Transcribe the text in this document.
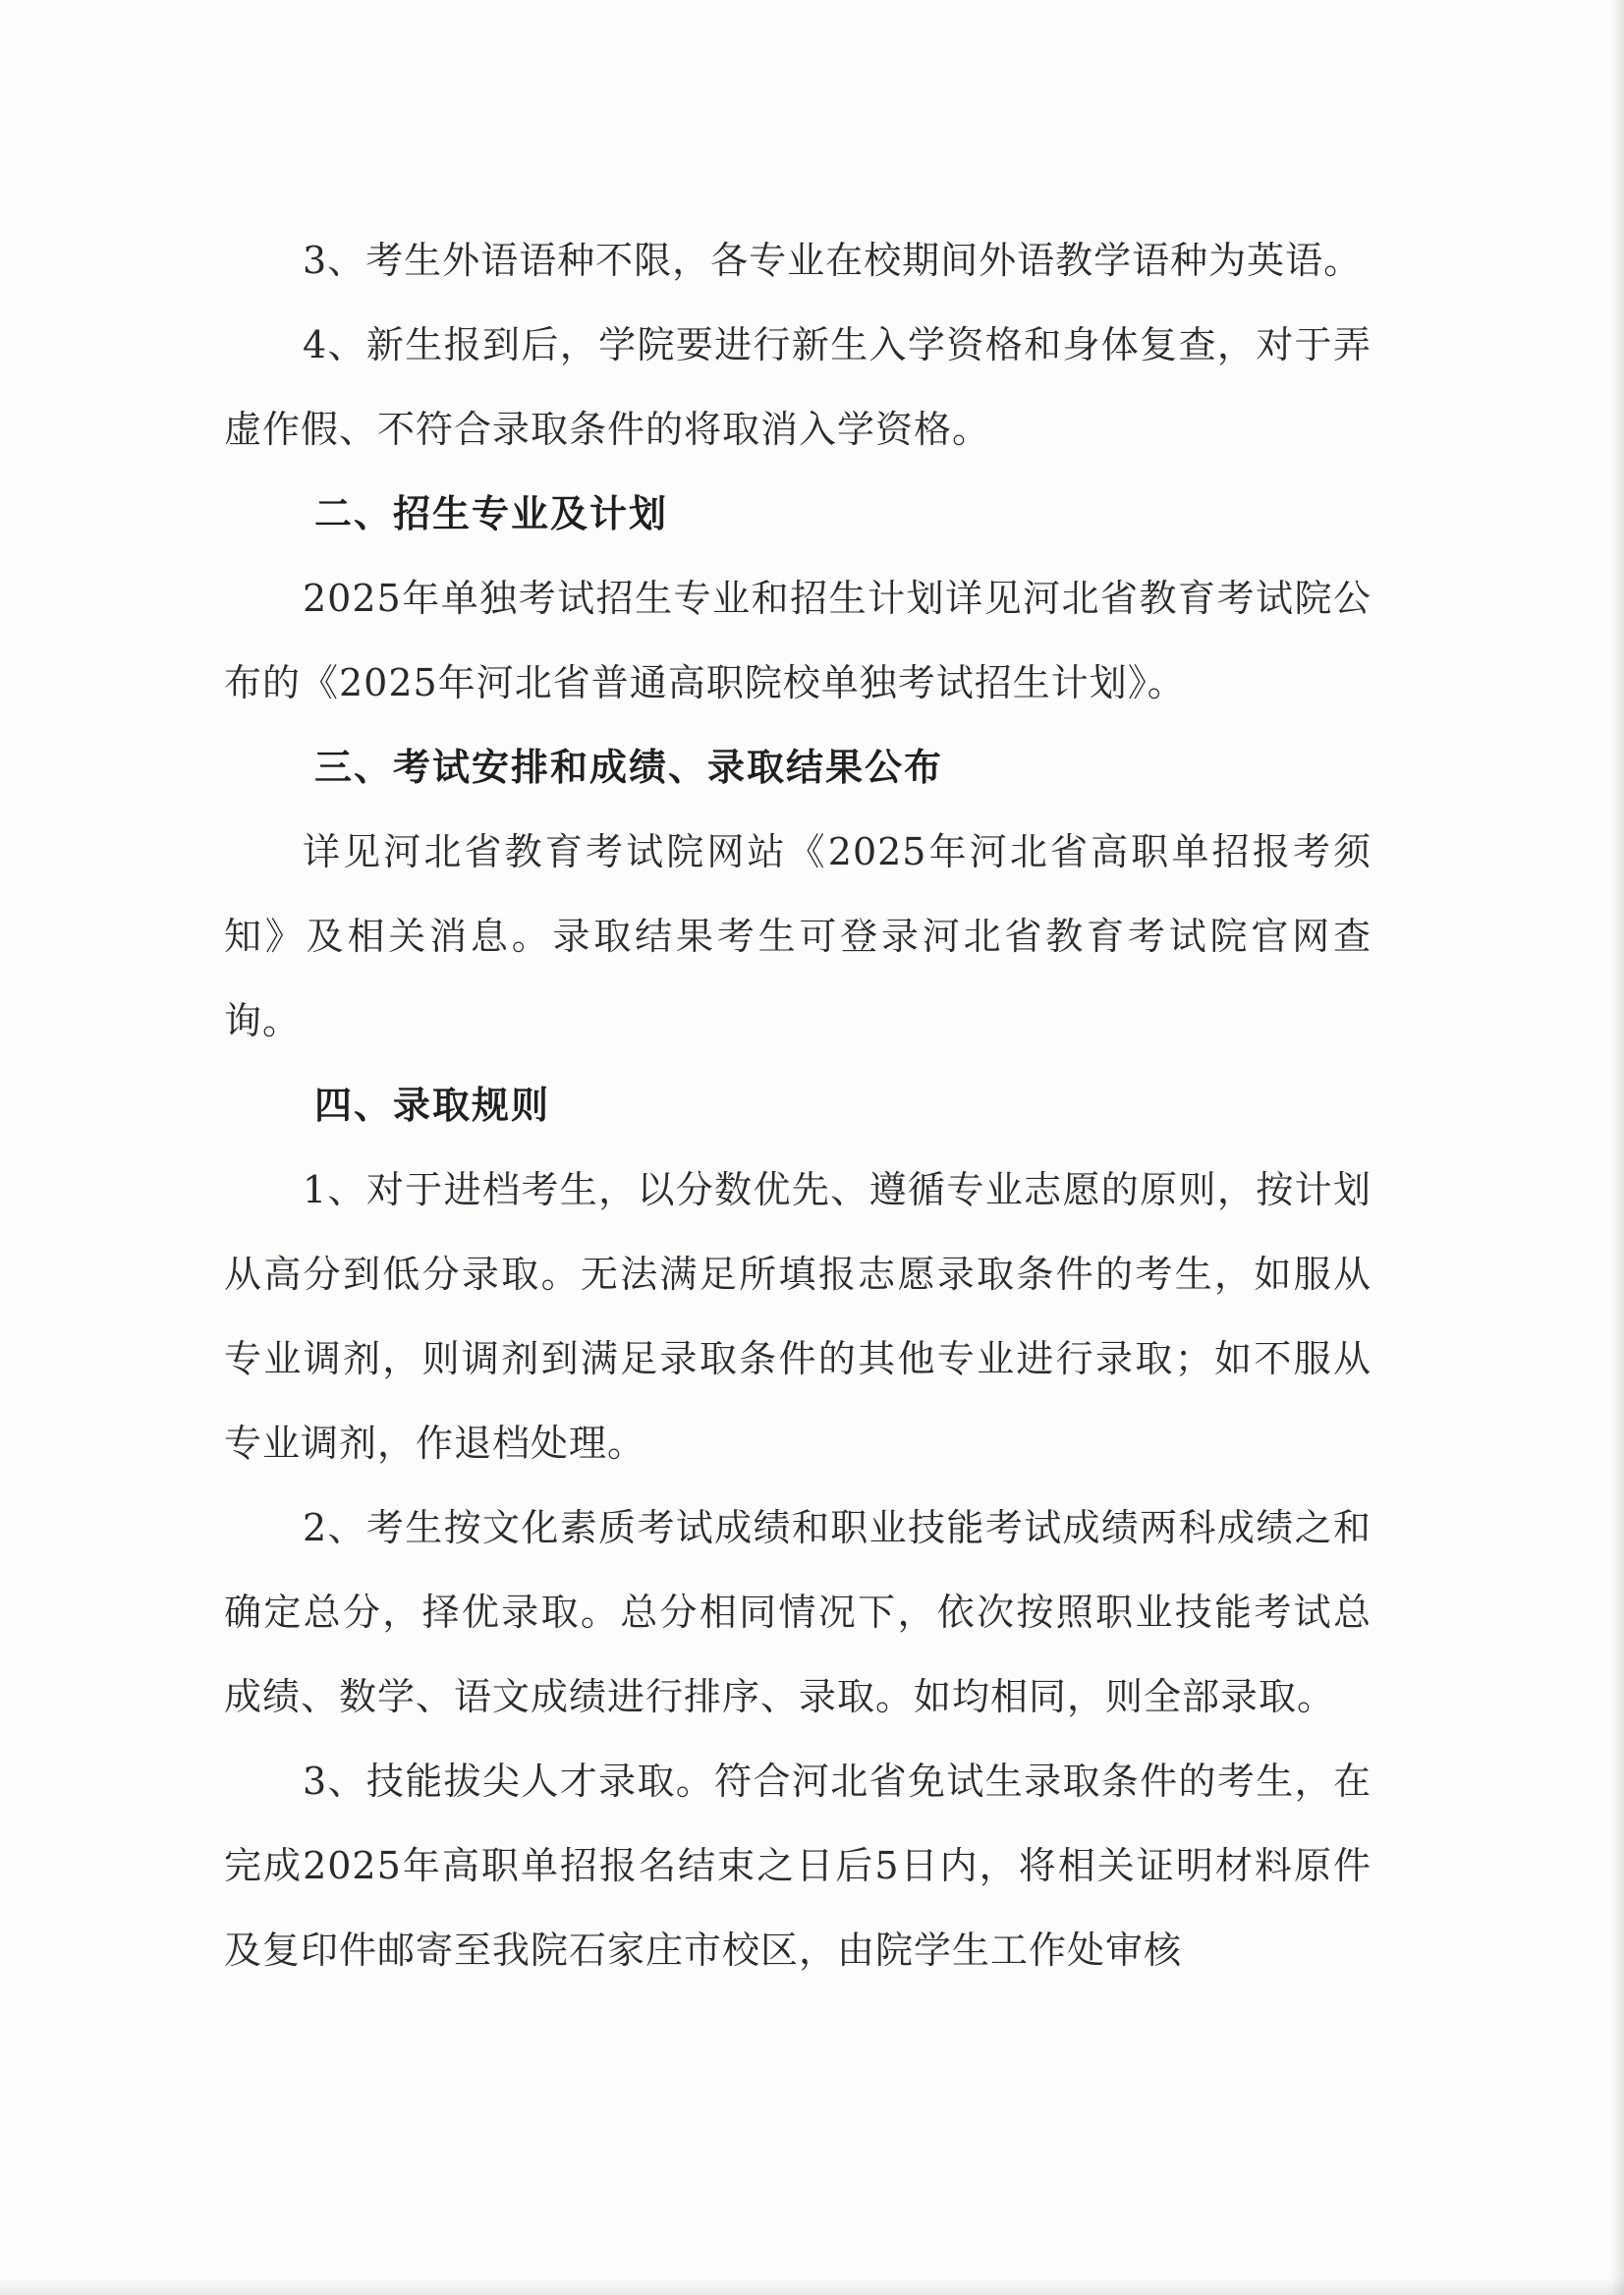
3、考生外语语种不限，各专业在校期间外语教学语种为英语。

4、新生报到后，学院要进行新生入学资格和身体复查，对于弄虚作假、不符合录取条件的将取消入学资格。

二、招生专业及计划

2025年单独考试招生专业和招生计划详见河北省教育考试院公布的《2025年河北省普通高职院校单独考试招生计划》。

三、考试安排和成绩、录取结果公布

详见河北省教育考试院网站《2025年河北省高职单招报考须知》及相关消息。录取结果考生可登录河北省教育考试院官网查询。

四、录取规则

1、对于进档考生，以分数优先、遵循专业志愿的原则，按计划从高分到低分录取。无法满足所填报志愿录取条件的考生，如服从专业调剂，则调剂到满足录取条件的其他专业进行录取；如不服从专业调剂，作退档处理。

2、考生按文化素质考试成绩和职业技能考试成绩两科成绩之和确定总分，择优录取。总分相同情况下，依次按照职业技能考试总成绩、数学、语文成绩进行排序、录取。如均相同，则全部录取。

3、技能拔尖人才录取。符合河北省免试生录取条件的考生，在完成2025年高职单招报名结束之日后5日内，将相关证明材料原件及复印件邮寄至我院石家庄市校区，由院学生工作处审核
